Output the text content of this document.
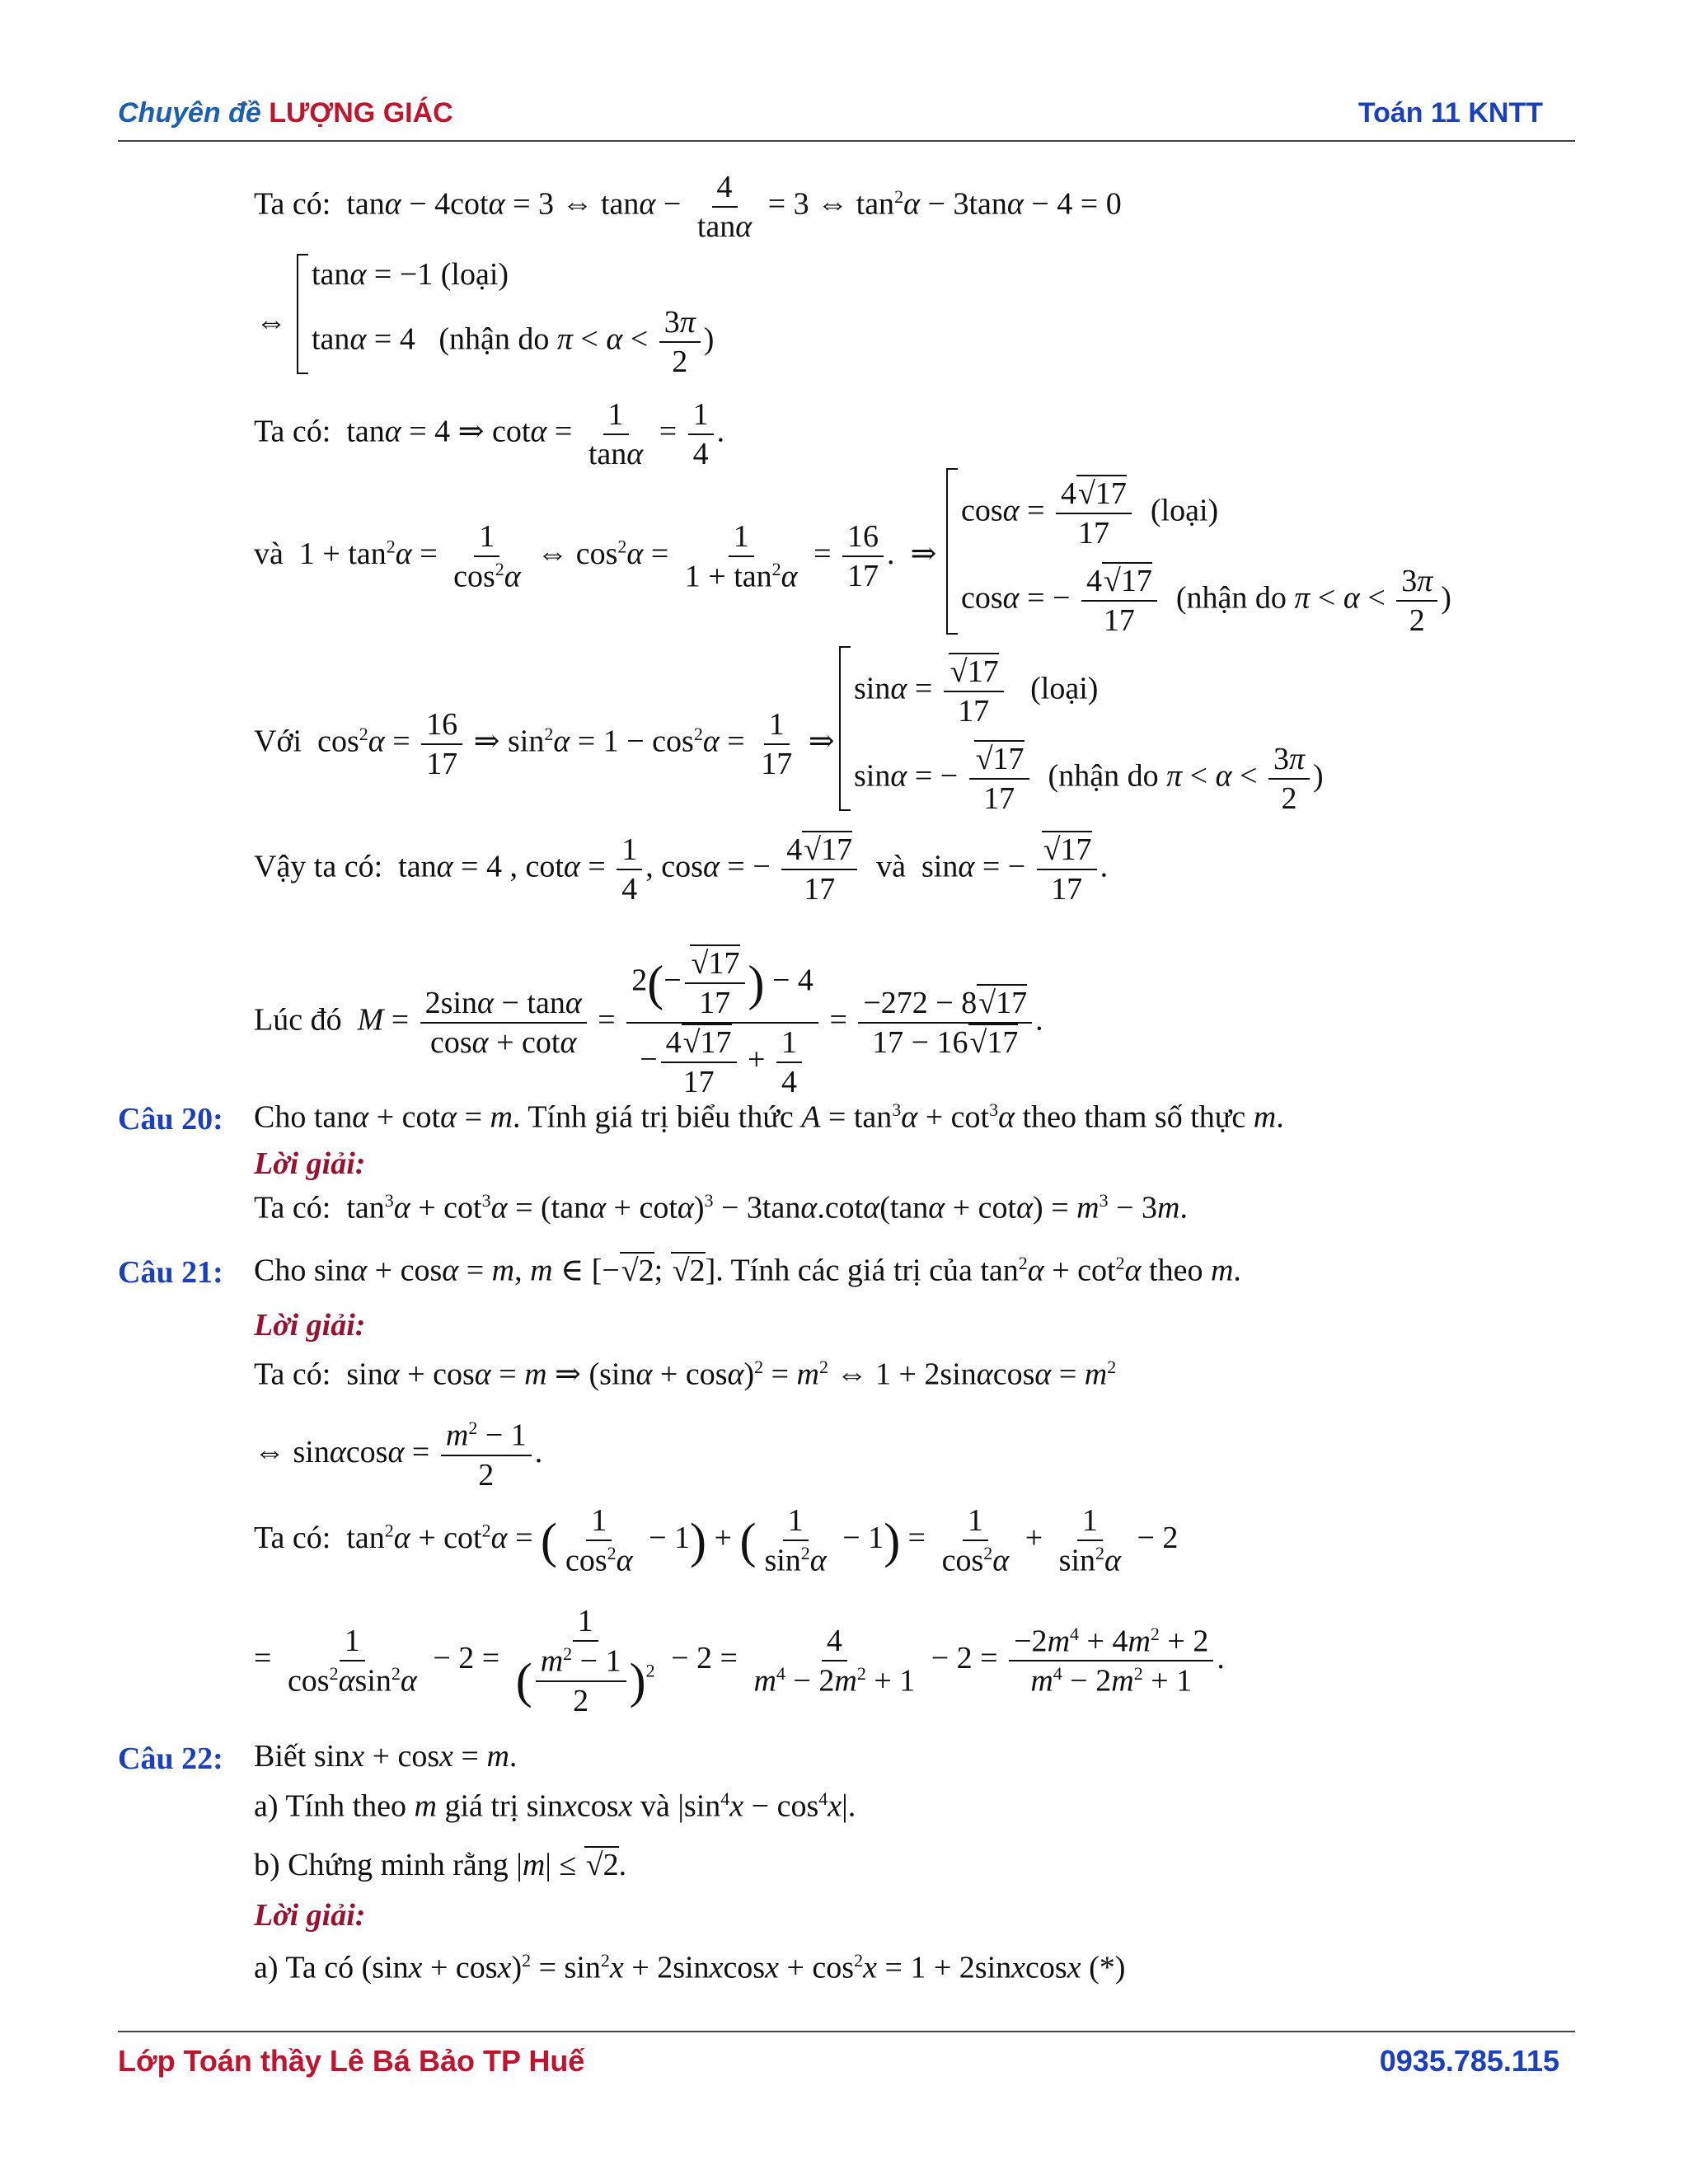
Chuyên đề LƯỢNG GIÁC	Toán 11 KNTT
Ta có:  tanα − 4cotα = 3 ⇔ $\tan\alpha - \frac{4}{\tan\alpha} = 3$ ⇔ $\tan^2\alpha - 3\tan\alpha - 4 = 0$
⇔
tanα = −1 (loại)
tanα = 4   (nhận do $\pi < \alpha < \frac{3\pi}{2}$ )
Ta có:  tanα = 4 ⇒ $\cot\alpha = \frac{1}{\tan\alpha} = \frac{1}{4}$ .
và  $1 + \tan^2\alpha = \frac{1}{\cos^2\alpha}$ ⇔ $\cos^2\alpha = \frac{1}{1 + \tan^2\alpha} = \frac{16}{17}$ .  ⇒
$\cos\alpha = \frac{4√17}{17}$ (loại)
cosα = − $\frac{4√17}{17}$ (nhận do $\pi < \alpha < \frac{3\pi}{2}$ )
Với  $\cos^2\alpha = \frac{16}{17}$ ⇒ $\sin^2\alpha = 1 - \cos^2\alpha = \frac{1}{17}$ ⇒
$\sin\alpha = \frac{√17}{17}$ (loại)
sinα = − $\frac{√17}{17}$ (nhận do $\pi < \alpha < \frac{3\pi}{2}$ )
Vậy ta có:  tanα = 4 , $\cot\alpha = \frac{1}{4}$ , cosα = − $\frac{4√17}{17}$ và  sinα = − $\frac{√17}{17}$ .
Lúc đó $M = \frac{2\sin\alpha - \tan\alpha}{\cos\alpha + \cot\alpha} = \frac{2(- \frac{√17}{17} ) - 4}{- \frac{4√17}{17} + \frac{1}{4}} = \frac{-272 - 8√17}{17 - 16√17}$ .
Câu 20: Cho tanα + cotα = m. Tính giá trị biểu thức $A = \tan^3\alpha + \cot^3\alpha$ theo tham số thực m.
Lời giải:
Ta có:  $\tan^3\alpha + \cot^3\alpha = (\tan\alpha + \cot\alpha)^3 - 3\tan\alpha.\cot\alpha(\tan\alpha + \cot\alpha) = m^3 - 3m$.
Câu 21: Cho sinα + cosα = m, m ∈ [−√2; √2]. Tính các giá trị của $\tan^2\alpha + \cot^2\alpha$ theo m.
Lời giải:
Ta có:  sinα + cosα = m ⇒ $(\sin\alpha + \cos\alpha)^2 = m^2$ ⇔ $1 + 2\sin\alpha\cos\alpha = m^2$
⇔ $\sin\alpha\cos\alpha = \frac{m^2 - 1}{2}$ .
Ta có:  $\tan^2\alpha + \cot^2\alpha$ = ( $\frac{1}{\cos^2\alpha} - 1$) + ( $\frac{1}{\sin^2\alpha} - 1) = \frac{1}{\cos^2\alpha} + \frac{1}{\sin^2\alpha} - 2$
= $\frac{1}{\cos^2\alpha\sin^2\alpha} - 2 = \frac{1}{( \frac{m^2 - 1}{2} )^2} - 2 = \frac{4}{m^4 - 2m^2 + 1} - 2 = \frac{-2m^4 + 4m^2 + 2}{m^4 - 2m^2 + 1}$ .
Câu 22: Biết sinx + cosx = m.
a) Tính theo m giá trị sinxcosx và $|\sin^4x - \cos^4x|$.
b) Chứng minh rằng |m| ≤ √2.
Lời giải:
a) Ta có $(\sin x + \cos x)^2 = \sin^2x$ + 2sinxcosx + $\cos^2x = 1$ + 2sinxcosx (*)
Lớp Toán thầy Lê Bá Bảo TP Huế	0935.785.115
